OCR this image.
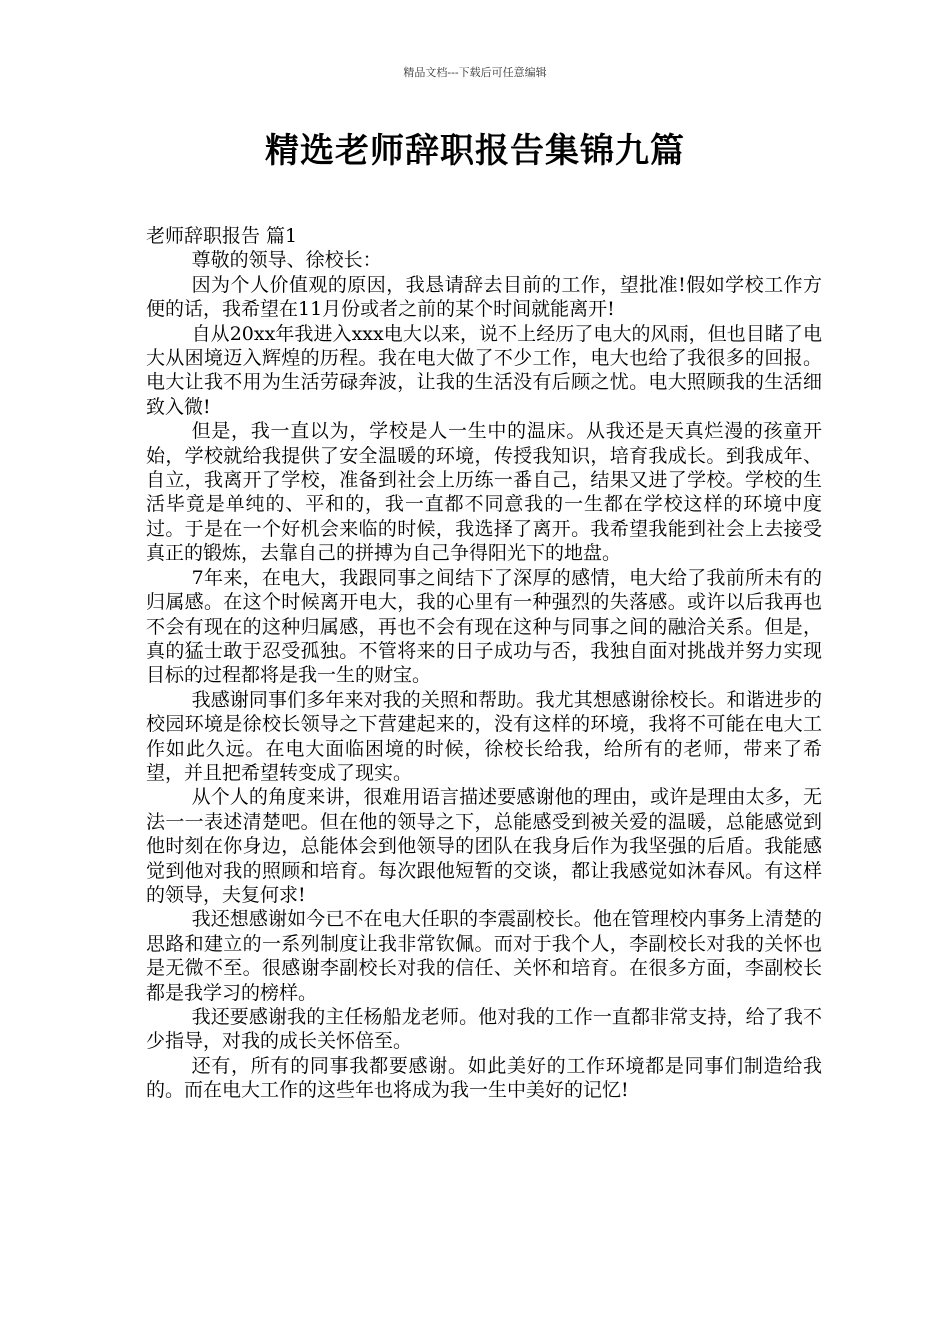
精品文档---下载后可任意编辑
精选老师辞职报告集锦九篇
老师辞职报告 篇1

尊敬的领导、徐校长：

因为个人价值观的原因，我恳请辞去目前的工作，望批准!假如学校工作方便的话，我希望在11月份或者之前的某个时间就能离开!

自从20xx年我进入xxx电大以来，说不上经历了电大的风雨，但也目睹了电大从困境迈入辉煌的历程。我在电大做了不少工作，电大也给了我很多的回报。电大让我不用为生活劳碌奔波，让我的生活没有后顾之忧。电大照顾我的生活细致入微!

但是，我一直以为，学校是人一生中的温床。从我还是天真烂漫的孩童开始，学校就给我提供了安全温暖的环境，传授我知识，培育我成长。到我成年、自立，我离开了学校，准备到社会上历练一番自己，结果又进了学校。学校的生活毕竟是单纯的、平和的，我一直都不同意我的一生都在学校这样的环境中度过。于是在一个好机会来临的时候，我选择了离开。我希望我能到社会上去接受真正的锻炼，去靠自己的拼搏为自己争得阳光下的地盘。

7年来，在电大，我跟同事之间结下了深厚的感情，电大给了我前所未有的归属感。在这个时候离开电大，我的心里有一种强烈的失落感。或许以后我再也不会有现在的这种归属感，再也不会有现在这种与同事之间的融洽关系。但是，真的猛士敢于忍受孤独。不管将来的日子成功与否，我独自面对挑战并努力实现目标的过程都将是我一生的财宝。

我感谢同事们多年来对我的关照和帮助。我尤其想感谢徐校长。和谐进步的校园环境是徐校长领导之下营建起来的，没有这样的环境，我将不可能在电大工作如此久远。在电大面临困境的时候，徐校长给我，给所有的老师，带来了希望，并且把希望转变成了现实。

从个人的角度来讲，很难用语言描述要感谢他的理由，或许是理由太多，无法一一表述清楚吧。但在他的领导之下，总能感受到被关爱的温暖，总能感觉到他时刻在你身边，总能体会到他领导的团队在我身后作为我坚强的后盾。我能感觉到他对我的照顾和培育。每次跟他短暂的交谈，都让我感觉如沐春风。有这样的领导，夫复何求!

我还想感谢如今已不在电大任职的李震副校长。他在管理校内事务上清楚的思路和建立的一系列制度让我非常钦佩。而对于我个人，李副校长对我的关怀也是无微不至。很感谢李副校长对我的信任、关怀和培育。在很多方面，李副校长都是我学习的榜样。

我还要感谢我的主任杨船龙老师。他对我的工作一直都非常支持，给了我不少指导，对我的成长关怀倍至。

还有，所有的同事我都要感谢。如此美好的工作环境都是同事们制造给我的。而在电大工作的这些年也将成为我一生中美好的记忆!
